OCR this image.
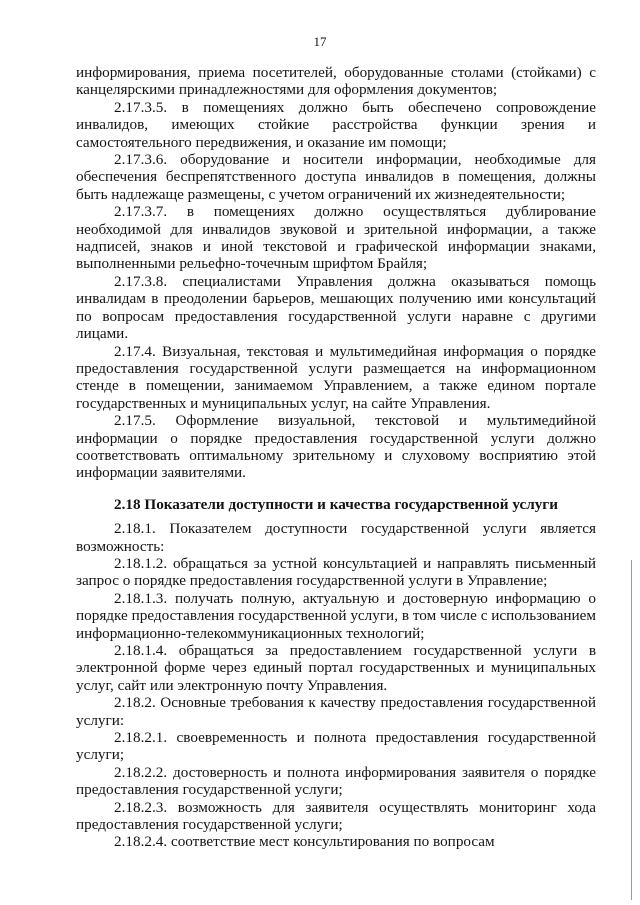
17

информирования, приема посетителей, оборудованные столами (стойками) с канцелярскими принадлежностями для оформления документов;

2.17.3.5. в помещениях должно быть обеспечено сопровождение инвалидов, имеющих стойкие расстройства функции зрения и самостоятельного передвижения, и оказание им помощи;

2.17.3.6. оборудование и носители информации, необходимые для обеспечения беспрепятственного доступа инвалидов в помещения, должны быть надлежаще размещены, с учетом ограничений их жизнедеятельности;

2.17.3.7. в помещениях должно осуществляться дублирование необходимой для инвалидов звуковой и зрительной информации, а также надписей, знаков и иной текстовой и графической информации знаками, выполненными рельефно-точечным шрифтом Брайля;

2.17.3.8. специалистами Управления должна оказываться помощь инвалидам в преодолении барьеров, мешающих получению ими консультаций по вопросам предоставления государственной услуги наравне с другими лицами.

2.17.4. Визуальная, текстовая и мультимедийная информация о порядке предоставления государственной услуги размещается на информационном стенде в помещении, занимаемом Управлением, а также едином портале государственных и муниципальных услуг, на сайте Управления.

2.17.5. Оформление визуальной, текстовой и мультимедийной информации о порядке предоставления государственной услуги должно соответствовать оптимальному зрительному и слуховому восприятию этой информации заявителями.

2.18 Показатели доступности и качества государственной услуги

2.18.1. Показателем доступности государственной услуги является возможность:

2.18.1.2. обращаться за устной консультацией и направлять письменный запрос о порядке предоставления государственной услуги в Управление;

2.18.1.3. получать полную, актуальную и достоверную информацию о порядке предоставления государственной услуги, в том числе с использованием информационно-телекоммуникационных технологий;

2.18.1.4. обращаться за предоставлением государственной услуги в электронной форме через единый портал государственных и муниципальных услуг, сайт или электронную почту Управления.

2.18.2. Основные требования к качеству предоставления государственной услуги:

2.18.2.1. своевременность и полнота предоставления государственной услуги;

2.18.2.2. достоверность и полнота информирования заявителя о порядке предоставления государственной услуги;

2.18.2.3. возможность для заявителя осуществлять мониторинг хода предоставления государственной услуги;

2.18.2.4. соответствие мест консультирования по вопросам
